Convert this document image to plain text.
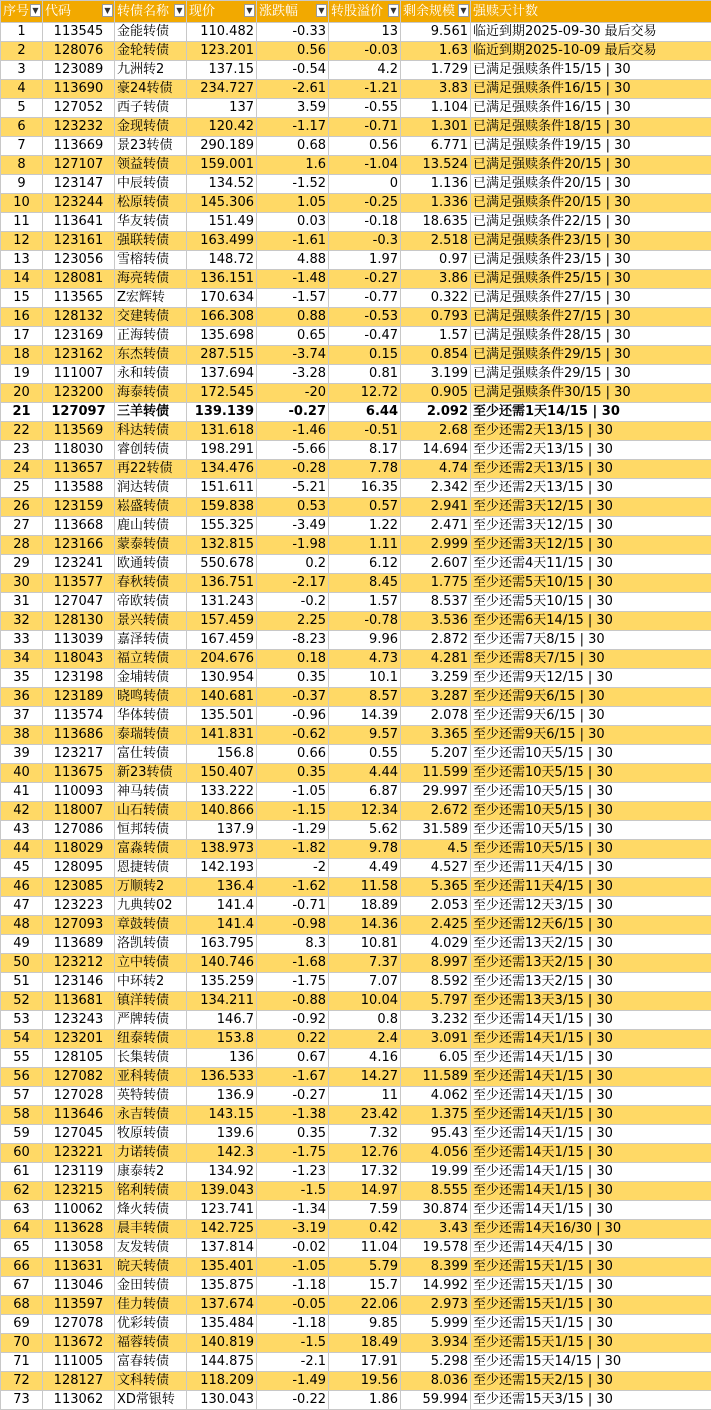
序号 ▼	代码 ▼	转债名称 ▼	现价 ▼	涨跌幅 ▼	转股溢价 ▼	剩余规模 ▼	强赎天计数
1	113545	金能转债	110.482	-0.33	13	9.561	临近到期2025-09-30 最后交易
2	128076	金轮转债	123.201	0.56	-0.03	1.63	临近到期2025-10-09 最后交易
3	123089	九洲转2	137.15	-0.54	4.2	1.729	已满足强赎条件15/15 | 30
4	113690	豪24转债	234.727	-2.61	-1.21	3.83	已满足强赎条件16/15 | 30
5	127052	西子转债	137	3.59	-0.55	1.104	已满足强赎条件16/15 | 30
6	123232	金现转债	120.42	-1.17	-0.71	1.301	已满足强赎条件18/15 | 30
7	113669	景23转债	290.189	0.68	0.56	6.771	已满足强赎条件19/15 | 30
8	127107	领益转债	159.001	1.6	-1.04	13.524	已满足强赎条件20/15 | 30
9	123147	中辰转债	134.52	-1.52	0	1.136	已满足强赎条件20/15 | 30
10	123244	松原转债	145.306	1.05	-0.25	1.336	已满足强赎条件20/15 | 30
11	113641	华友转债	151.49	0.03	-0.18	18.635	已满足强赎条件22/15 | 30
12	123161	强联转债	163.499	-1.61	-0.3	2.518	已满足强赎条件23/15 | 30
13	123056	雪榕转债	148.72	4.88	1.97	0.97	已满足强赎条件23/15 | 30
14	128081	海亮转债	136.151	-1.48	-0.27	3.86	已满足强赎条件25/15 | 30
15	113565	Z宏辉转	170.634	-1.57	-0.77	0.322	已满足强赎条件27/15 | 30
16	128132	交建转债	166.308	0.88	-0.53	0.793	已满足强赎条件27/15 | 30
17	123169	正海转债	135.698	0.65	-0.47	1.57	已满足强赎条件28/15 | 30
18	123162	东杰转债	287.515	-3.74	0.15	0.854	已满足强赎条件29/15 | 30
19	111007	永和转债	137.694	-3.28	0.81	3.199	已满足强赎条件29/15 | 30
20	123200	海泰转债	172.545	-20	12.72	0.905	已满足强赎条件30/15 | 30
21	127097	三羊转债	139.139	-0.27	6.44	2.092	至少还需1天14/15 | 30
22	113569	科达转债	131.618	-1.46	-0.51	2.68	至少还需2天13/15 | 30
23	118030	睿创转债	198.291	-5.66	8.17	14.694	至少还需2天13/15 | 30
24	113657	再22转债	134.476	-0.28	7.78	4.74	至少还需2天13/15 | 30
25	113588	润达转债	151.611	-5.21	16.35	2.342	至少还需2天13/15 | 30
26	123159	崧盛转债	159.838	0.53	0.57	2.941	至少还需3天12/15 | 30
27	113668	鹿山转债	155.325	-3.49	1.22	2.471	至少还需3天12/15 | 30
28	123166	蒙泰转债	132.815	-1.98	1.11	2.999	至少还需3天12/15 | 30
29	123241	欧通转债	550.678	0.2	6.12	2.607	至少还需4天11/15 | 30
30	113577	春秋转债	136.751	-2.17	8.45	1.775	至少还需5天10/15 | 30
31	127047	帝欧转债	131.243	-0.2	1.57	8.537	至少还需5天10/15 | 30
32	128130	景兴转债	157.459	2.25	-0.78	3.536	至少还需6天14/15 | 30
33	113039	嘉泽转债	167.459	-8.23	9.96	2.872	至少还需7天8/15 | 30
34	118043	福立转债	204.676	0.18	4.73	4.281	至少还需8天7/15 | 30
35	123198	金埔转债	130.954	0.35	10.1	3.259	至少还需9天12/15 | 30
36	123189	晓鸣转债	140.681	-0.37	8.57	3.287	至少还需9天6/15 | 30
37	113574	华体转债	135.501	-0.96	14.39	2.078	至少还需9天6/15 | 30
38	113686	泰瑞转债	141.831	-0.62	9.57	3.365	至少还需9天6/15 | 30
39	123217	富仕转债	156.8	0.66	0.55	5.207	至少还需10天5/15 | 30
40	113675	新23转债	150.407	0.35	4.44	11.599	至少还需10天5/15 | 30
41	110093	神马转债	133.222	-1.05	6.87	29.997	至少还需10天5/15 | 30
42	118007	山石转债	140.866	-1.15	12.34	2.672	至少还需10天5/15 | 30
43	127086	恒邦转债	137.9	-1.29	5.62	31.589	至少还需10天5/15 | 30
44	118029	富淼转债	138.973	-1.82	9.78	4.5	至少还需10天5/15 | 30
45	128095	恩捷转债	142.193	-2	4.49	4.527	至少还需11天4/15 | 30
46	123085	万顺转2	136.4	-1.62	11.58	5.365	至少还需11天4/15 | 30
47	123223	九典转02	141.4	-0.71	18.89	2.053	至少还需12天3/15 | 30
48	127093	章鼓转债	141.4	-0.98	14.36	2.425	至少还需12天6/15 | 30
49	113689	洛凯转债	163.795	8.3	10.81	4.029	至少还需13天2/15 | 30
50	123212	立中转债	140.746	-1.68	7.37	8.997	至少还需13天2/15 | 30
51	123146	中环转2	135.259	-1.75	7.07	8.592	至少还需13天2/15 | 30
52	113681	镇洋转债	134.211	-0.88	10.04	5.797	至少还需13天3/15 | 30
53	123243	严牌转债	146.7	-0.92	0.8	3.232	至少还需14天1/15 | 30
54	123201	纽泰转债	153.8	0.22	2.4	3.091	至少还需14天1/15 | 30
55	128105	长集转债	136	0.67	4.16	6.05	至少还需14天1/15 | 30
56	127082	亚科转债	136.533	-1.67	14.27	11.589	至少还需14天1/15 | 30
57	127028	英特转债	136.9	-0.27	11	4.062	至少还需14天1/15 | 30
58	113646	永吉转债	143.15	-1.38	23.42	1.375	至少还需14天1/15 | 30
59	127045	牧原转债	139.6	0.35	7.32	95.43	至少还需14天1/15 | 30
60	123221	力诺转债	142.3	-1.75	12.76	4.056	至少还需14天1/15 | 30
61	123119	康泰转2	134.92	-1.23	17.32	19.99	至少还需14天1/15 | 30
62	123215	铭利转债	139.043	-1.5	14.97	8.555	至少还需14天1/15 | 30
63	110062	烽火转债	123.741	-1.34	7.59	30.874	至少还需14天1/15 | 30
64	113628	晨丰转债	142.725	-3.19	0.42	3.43	至少还需14天16/30 | 30
65	113058	友发转债	137.814	-0.02	11.04	19.578	至少还需14天4/15 | 30
66	113631	皖天转债	135.401	-1.05	5.79	8.399	至少还需15天1/15 | 30
67	113046	金田转债	135.875	-1.18	15.7	14.992	至少还需15天1/15 | 30
68	113597	佳力转债	137.674	-0.05	22.06	2.973	至少还需15天1/15 | 30
69	127078	优彩转债	135.484	-1.18	9.85	5.999	至少还需15天1/15 | 30
70	113672	福蓉转债	140.819	-1.5	18.49	3.934	至少还需15天1/15 | 30
71	111005	富春转债	144.875	-2.1	17.91	5.298	至少还需15天14/15 | 30
72	128127	文科转债	118.209	-1.49	19.56	8.036	至少还需15天2/15 | 30
73	113062	XD常银转	130.043	-0.22	1.86	59.994	至少还需15天3/15 | 30
